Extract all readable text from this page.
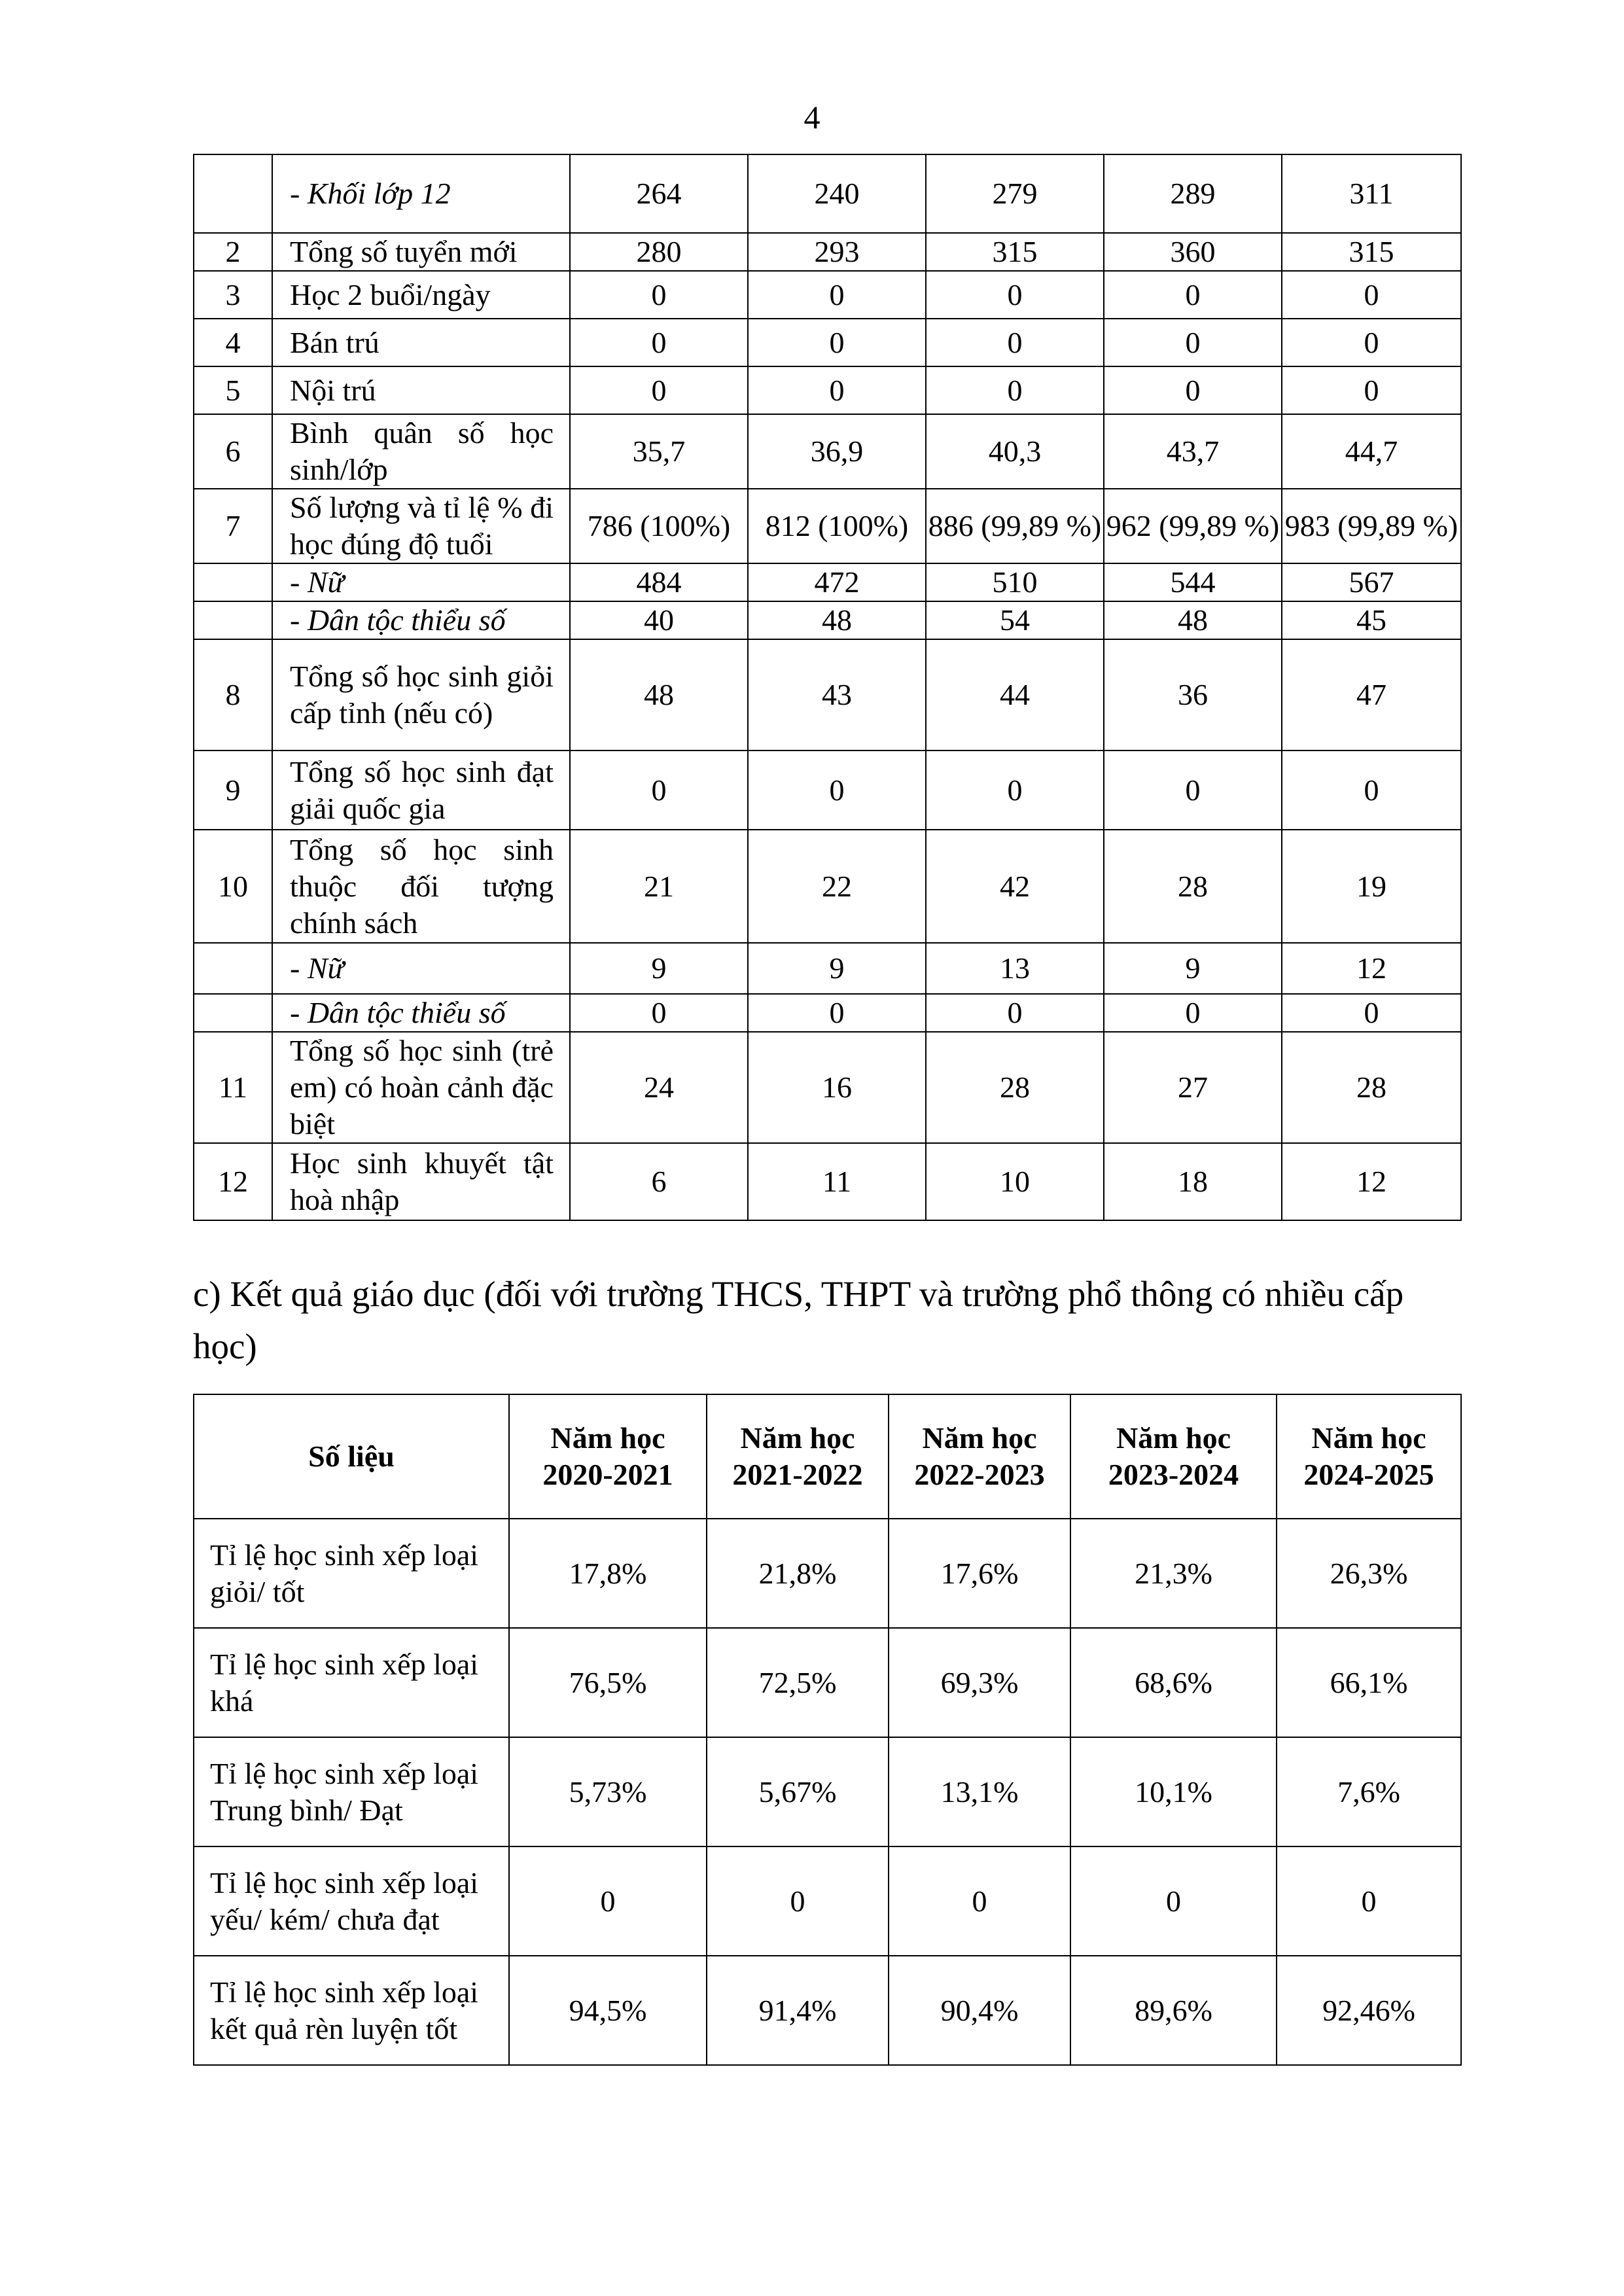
4
	- Khối lớp 12	264	240	279	289	311
2	Tổng số tuyển mới	280	293	315	360	315
3	Học 2 buổi/ngày	0	0	0	0	0
4	Bán trú	0	0	0	0	0
5	Nội trú	0	0	0	0	0
6	Bình quân số học sinh/lớp	35,7	36,9	40,3	43,7	44,7
7	Số lượng và tỉ lệ % đi học đúng độ tuổi	786 (100%)	812 (100%)	886 (99,89 %)	962 (99,89 %)	983 (99,89 %)
	- Nữ	484	472	510	544	567
	- Dân tộc thiểu số	40	48	54	48	45
8	Tổng số học sinh giỏi cấp tỉnh (nếu có)	48	43	44	36	47
9	Tổng số học sinh đạt giải quốc gia	0	0	0	0	0
10	Tổng số học sinh thuộc đối tượng chính sách	21	22	42	28	19
	- Nữ	9	9	13	9	12
	- Dân tộc thiểu số	0	0	0	0	0
11	Tổng số học sinh (trẻ em) có hoàn cảnh đặc biệt	24	16	28	27	28
12	Học sinh khuyết tật hoà nhập	6	11	10	18	12
c) Kết quả giáo dục (đối với trường THCS, THPT và trường phổ thông có nhiều cấp học)
Số liệu	Năm học 2020-2021	Năm học 2021-2022	Năm học 2022-2023	Năm học 2023-2024	Năm học 2024-2025
Tỉ lệ học sinh xếp loại giỏi/ tốt	17,8%	21,8%	17,6%	21,3%	26,3%
Tỉ lệ học sinh xếp loại khá	76,5%	72,5%	69,3%	68,6%	66,1%
Tỉ lệ học sinh xếp loại Trung bình/ Đạt	5,73%	5,67%	13,1%	10,1%	7,6%
Tỉ lệ học sinh xếp loại yếu/ kém/ chưa đạt	0	0	0	0	0
Tỉ lệ học sinh xếp loại kết quả rèn luyện tốt	94,5%	91,4%	90,4%	89,6%	92,46%
